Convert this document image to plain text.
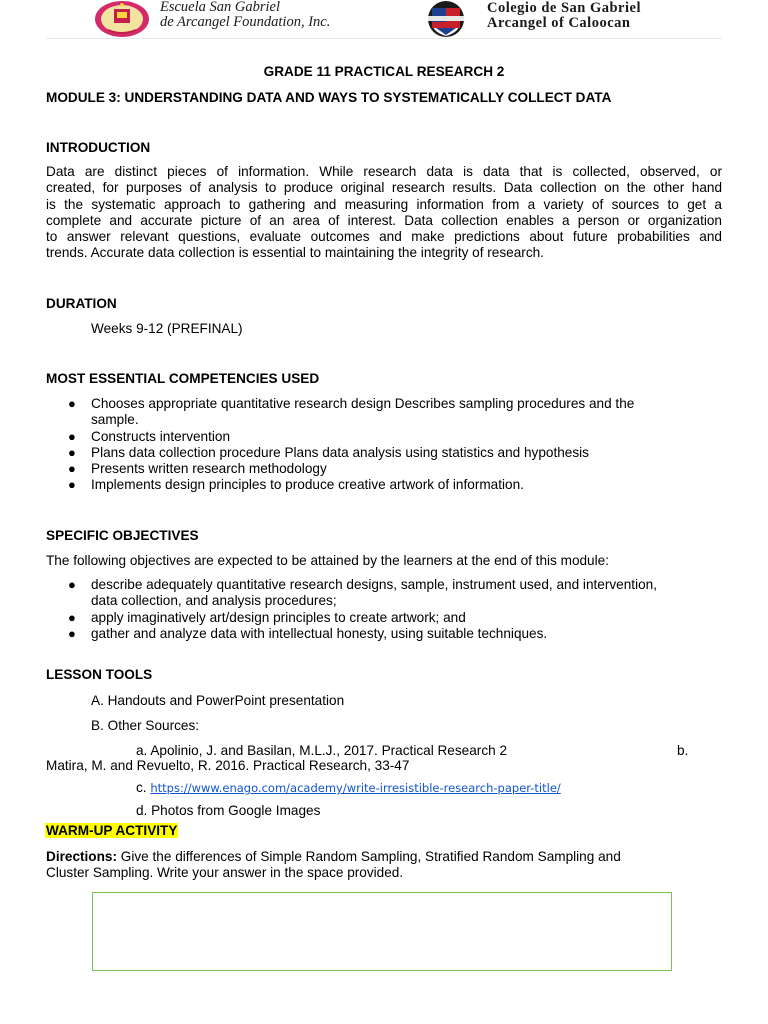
Escuela San Gabriel
de Arcangel Foundation, Inc.
Colegio de San Gabriel
Arcangel of Caloocan
GRADE 11 PRACTICAL RESEARCH 2
MODULE 3: UNDERSTANDING DATA AND WAYS TO SYSTEMATICALLY COLLECT DATA
INTRODUCTION
Data are distinct pieces of information. While research data is data that is collected, observed, or
created, for purposes of analysis to produce original research results. Data collection on the other hand
is the systematic approach to gathering and measuring information from a variety of sources to get a
complete and accurate picture of an area of interest. Data collection enables a person or organization
to answer relevant questions, evaluate outcomes and make predictions about future probabilities and
trends. Accurate data collection is essential to maintaining the integrity of research.
DURATION
Weeks 9-12 (PREFINAL)
MOST ESSENTIAL COMPETENCIES USED
● Chooses appropriate quantitative research design Describes sampling procedures and the
sample.
● Constructs intervention
● Plans data collection procedure Plans data analysis using statistics and hypothesis
● Presents written research methodology
● Implements design principles to produce creative artwork of information.
SPECIFIC OBJECTIVES
The following objectives are expected to be attained by the learners at the end of this module:
● describe adequately quantitative research designs, sample, instrument used, and intervention,
data collection, and analysis procedures;
● apply imaginatively art/design principles to create artwork; and
● gather and analyze data with intellectual honesty, using suitable techniques.
LESSON TOOLS
A. Handouts and PowerPoint presentation
B. Other Sources:
a. Apolinio, J. and Basilan, M.L.J., 2017. Practical Research 2	b.
Matira, M. and Revuelto, R. 2016. Practical Research, 33-47
c. https://www.enago.com/academy/write-irresistible-research-paper-title/
d. Photos from Google Images
WARM-UP ACTIVITY
Directions: Give the differences of Simple Random Sampling, Stratified Random Sampling and
Cluster Sampling. Write your answer in the space provided.
